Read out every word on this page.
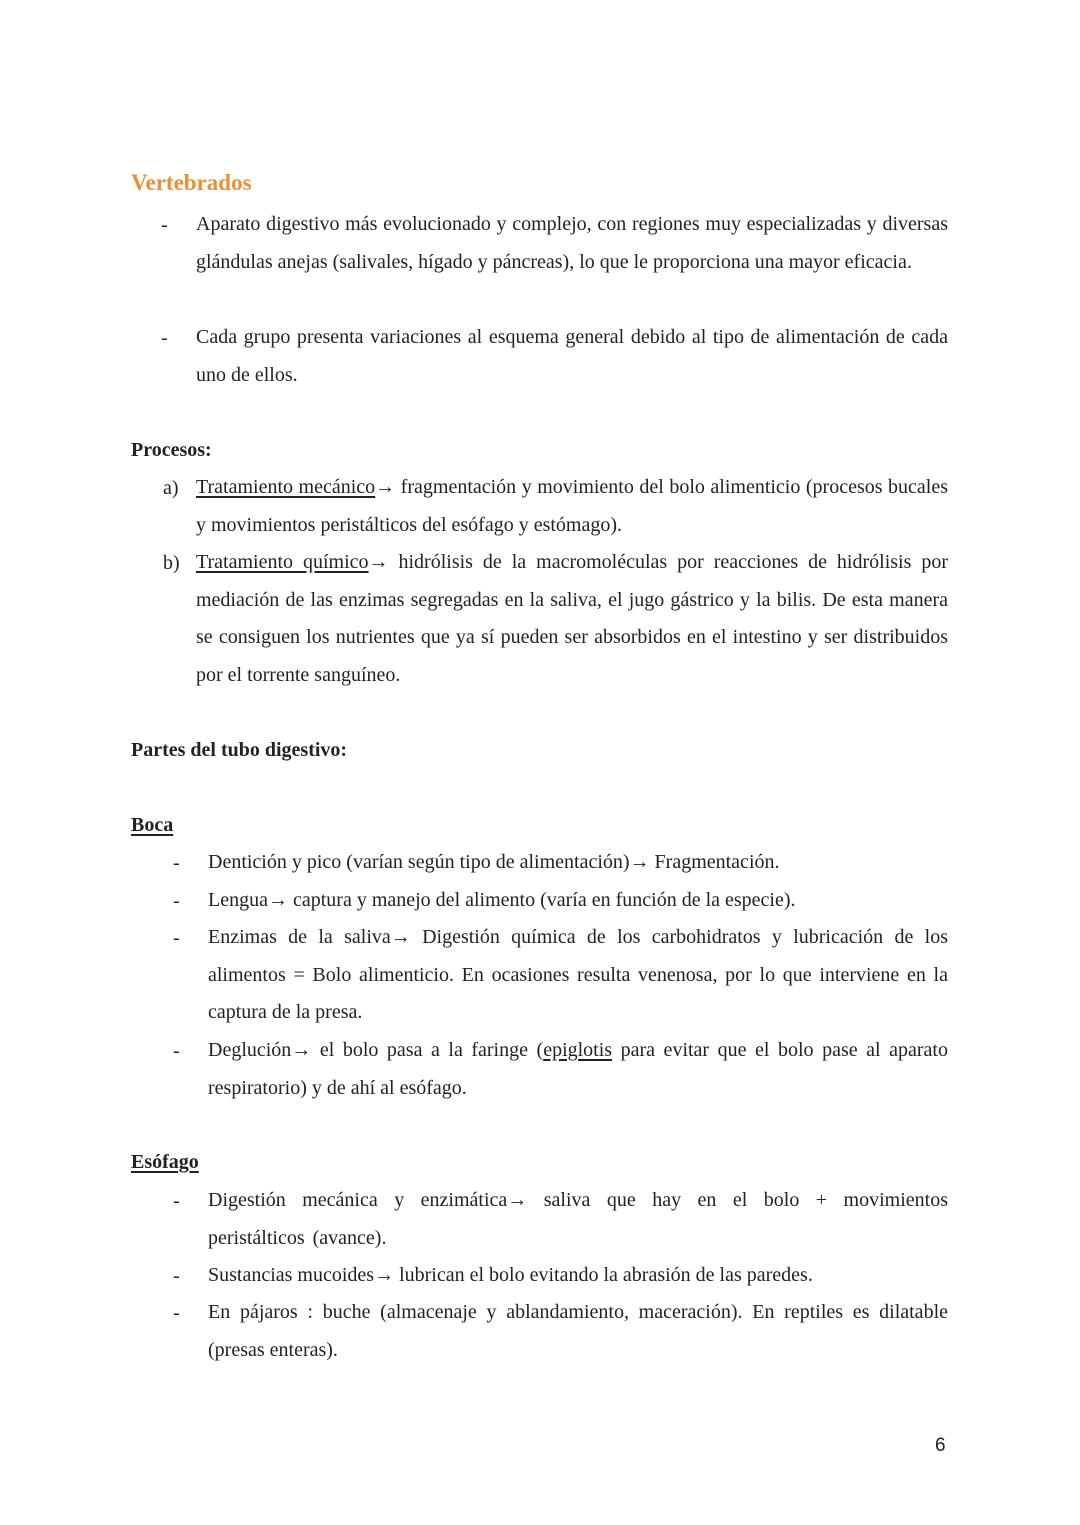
Vertebrados
- Aparato digestivo más evolucionado y complejo, con regiones muy especializadas y diversas glándulas anejas (salivales, hígado y páncreas), lo que le proporciona una mayor eficacia.
- Cada grupo presenta variaciones al esquema general debido al tipo de alimentación de cada uno de ellos.
Procesos:
a) Tratamiento mecánico→ fragmentación y movimiento del bolo alimenticio (procesos bucales y movimientos peristálticos del esófago y estómago).
b) Tratamiento químico→ hidrólisis de la macromoléculas por reacciones de hidrólisis por mediación de las enzimas segregadas en la saliva, el jugo gástrico y la bilis. De esta manera se consiguen los nutrientes que ya sí pueden ser absorbidos en el intestino y ser distribuidos por el torrente sanguíneo.
Partes del tubo digestivo:
Boca
- Dentición y pico (varían según tipo de alimentación)→ Fragmentación.
- Lengua→ captura y manejo del alimento (varía en función de la especie).
- Enzimas de la saliva→ Digestión química de los carbohidratos y lubricación de los alimentos = Bolo alimenticio. En ocasiones resulta venenosa, por lo que interviene en la captura de la presa.
- Deglución→ el bolo pasa a la faringe (epiglotis para evitar que el bolo pase al aparato respiratorio) y de ahí al esófago.
Esófago
- Digestión mecánica y enzimática→ saliva que hay en el bolo + movimientos peristálticos (avance).
- Sustancias mucoides→ lubrican el bolo evitando la abrasión de las paredes.
- En pájaros : buche (almacenaje y ablandamiento, maceración). En reptiles es dilatable (presas enteras).
6
